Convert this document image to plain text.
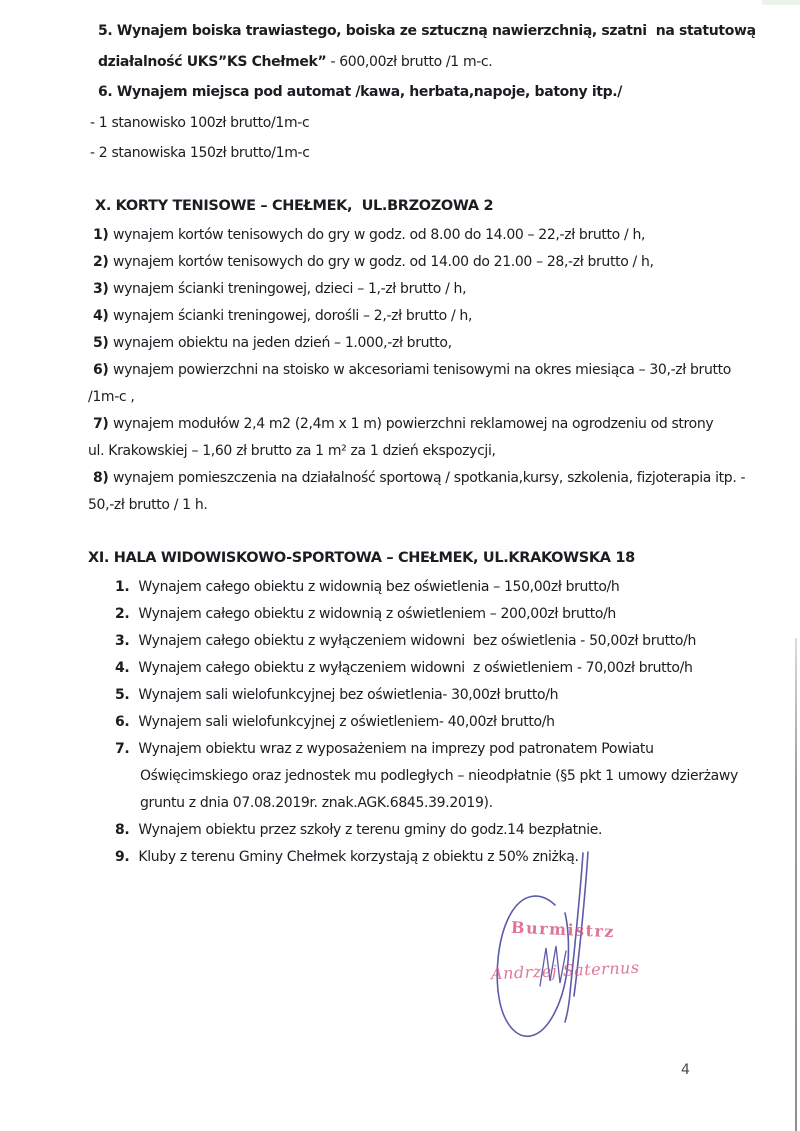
5. Wynajem boiska trawiastego, boiska ze sztuczną nawierzchnią, szatni  na statutową
działalność UKS”KS Chełmek” - 600,00zł brutto /1 m-c.
6. Wynajem miejsca pod automat /kawa, herbata,napoje, batony itp./
- 1 stanowisko 100zł brutto/1m-c
- 2 stanowiska 150zł brutto/1m-c
X. KORTY TENISOWE – CHEŁMEK,  UL.BRZOZOWA 2
1) wynajem kortów tenisowych do gry w godz. od 8.00 do 14.00 – 22,-zł brutto / h,
2) wynajem kortów tenisowych do gry w godz. od 14.00 do 21.00 – 28,-zł brutto / h,
3) wynajem ścianki treningowej, dzieci – 1,-zł brutto / h,
4) wynajem ścianki treningowej, dorośli – 2,-zł brutto / h,
5) wynajem obiektu na jeden dzień – 1.000,-zł brutto,
6) wynajem powierzchni na stoisko w akcesoriami tenisowymi na okres miesiąca – 30,-zł brutto
/1m-c ,
7) wynajem modułów 2,4 m2 (2,4m x 1 m) powierzchni reklamowej na ogrodzeniu od strony
ul. Krakowskiej – 1,60 zł brutto za 1 m² za 1 dzień ekspozycji,
8) wynajem pomieszczenia na działalność sportową / spotkania,kursy, szkolenia, fizjoterapia itp. -
50,-zł brutto / 1 h.
XI. HALA WIDOWISKOWO-SPORTOWA – CHEŁMEK, UL.KRAKOWSKA 18
1.  Wynajem całego obiektu z widownią bez oświetlenia – 150,00zł brutto/h
2.  Wynajem całego obiektu z widownią z oświetleniem – 200,00zł brutto/h
3.  Wynajem całego obiektu z wyłączeniem widowni  bez oświetlenia - 50,00zł brutto/h
4.  Wynajem całego obiektu z wyłączeniem widowni  z oświetleniem - 70,00zł brutto/h
5.  Wynajem sali wielofunkcyjnej bez oświetlenia- 30,00zł brutto/h
6.  Wynajem sali wielofunkcyjnej z oświetleniem- 40,00zł brutto/h
7.  Wynajem obiektu wraz z wyposażeniem na imprezy pod patronatem Powiatu
Oświęcimskiego oraz jednostek mu podległych – nieodpłatnie (§5 pkt 1 umowy dzierżawy
gruntu z dnia 07.08.2019r. znak.AGK.6845.39.2019).
8.  Wynajem obiektu przez szkoły z terenu gminy do godz.14 bezpłatnie.
9.  Kluby z terenu Gminy Chełmek korzystają z obiektu z 50% zniżką.
Burmistrz
Andrzej Saternus
4
